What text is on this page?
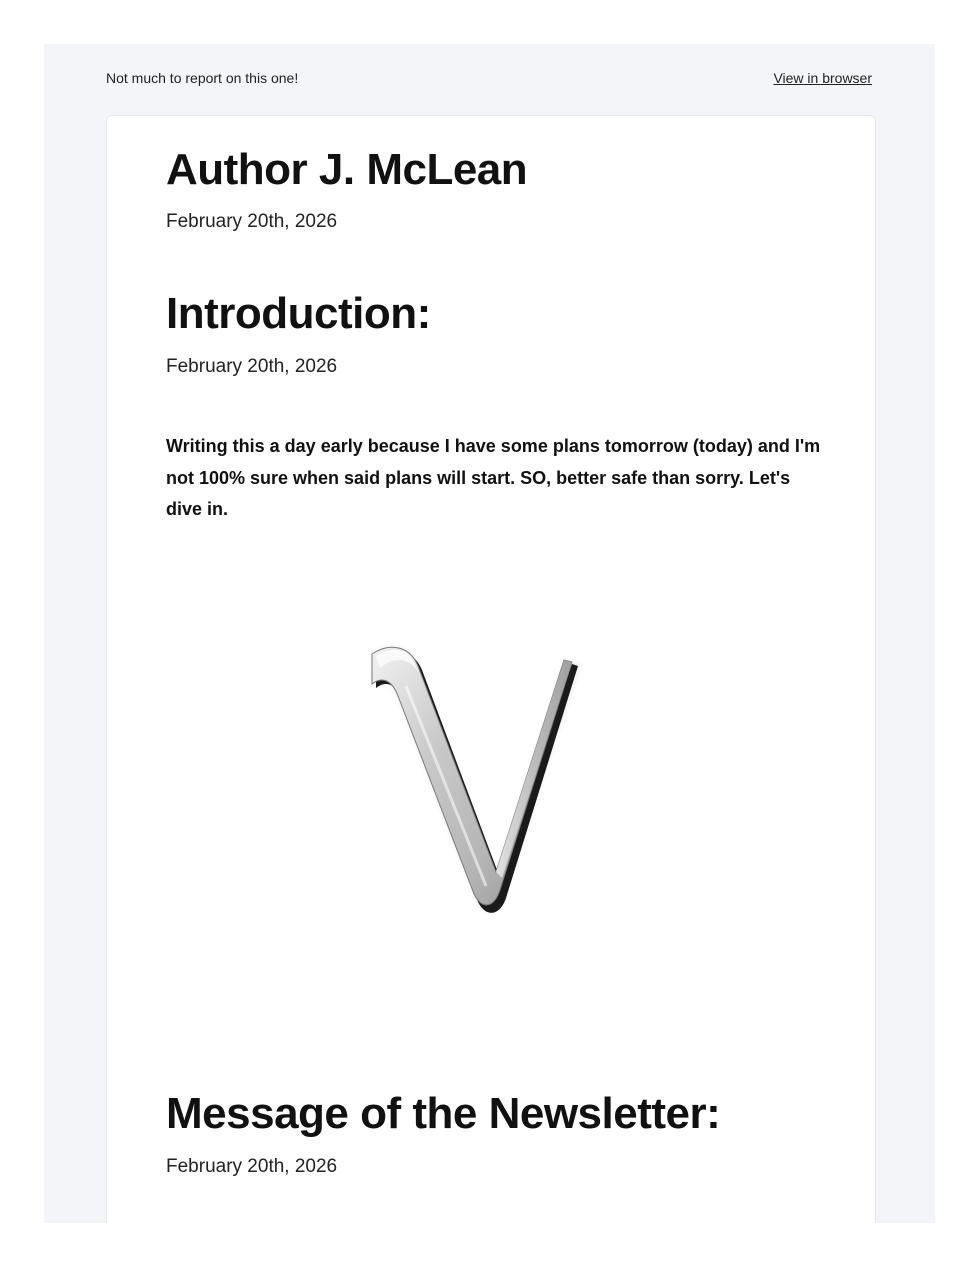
Not much to report on this one!	View in browser
Author J. McLean
February 20th, 2026
Introduction:
February 20th, 2026

Writing this a day early because I have some plans tomorrow (today) and I'm not 100% sure when said plans will start. SO, better safe than sorry. Let's dive in.

Message of the Newsletter:
February 20th, 2026
